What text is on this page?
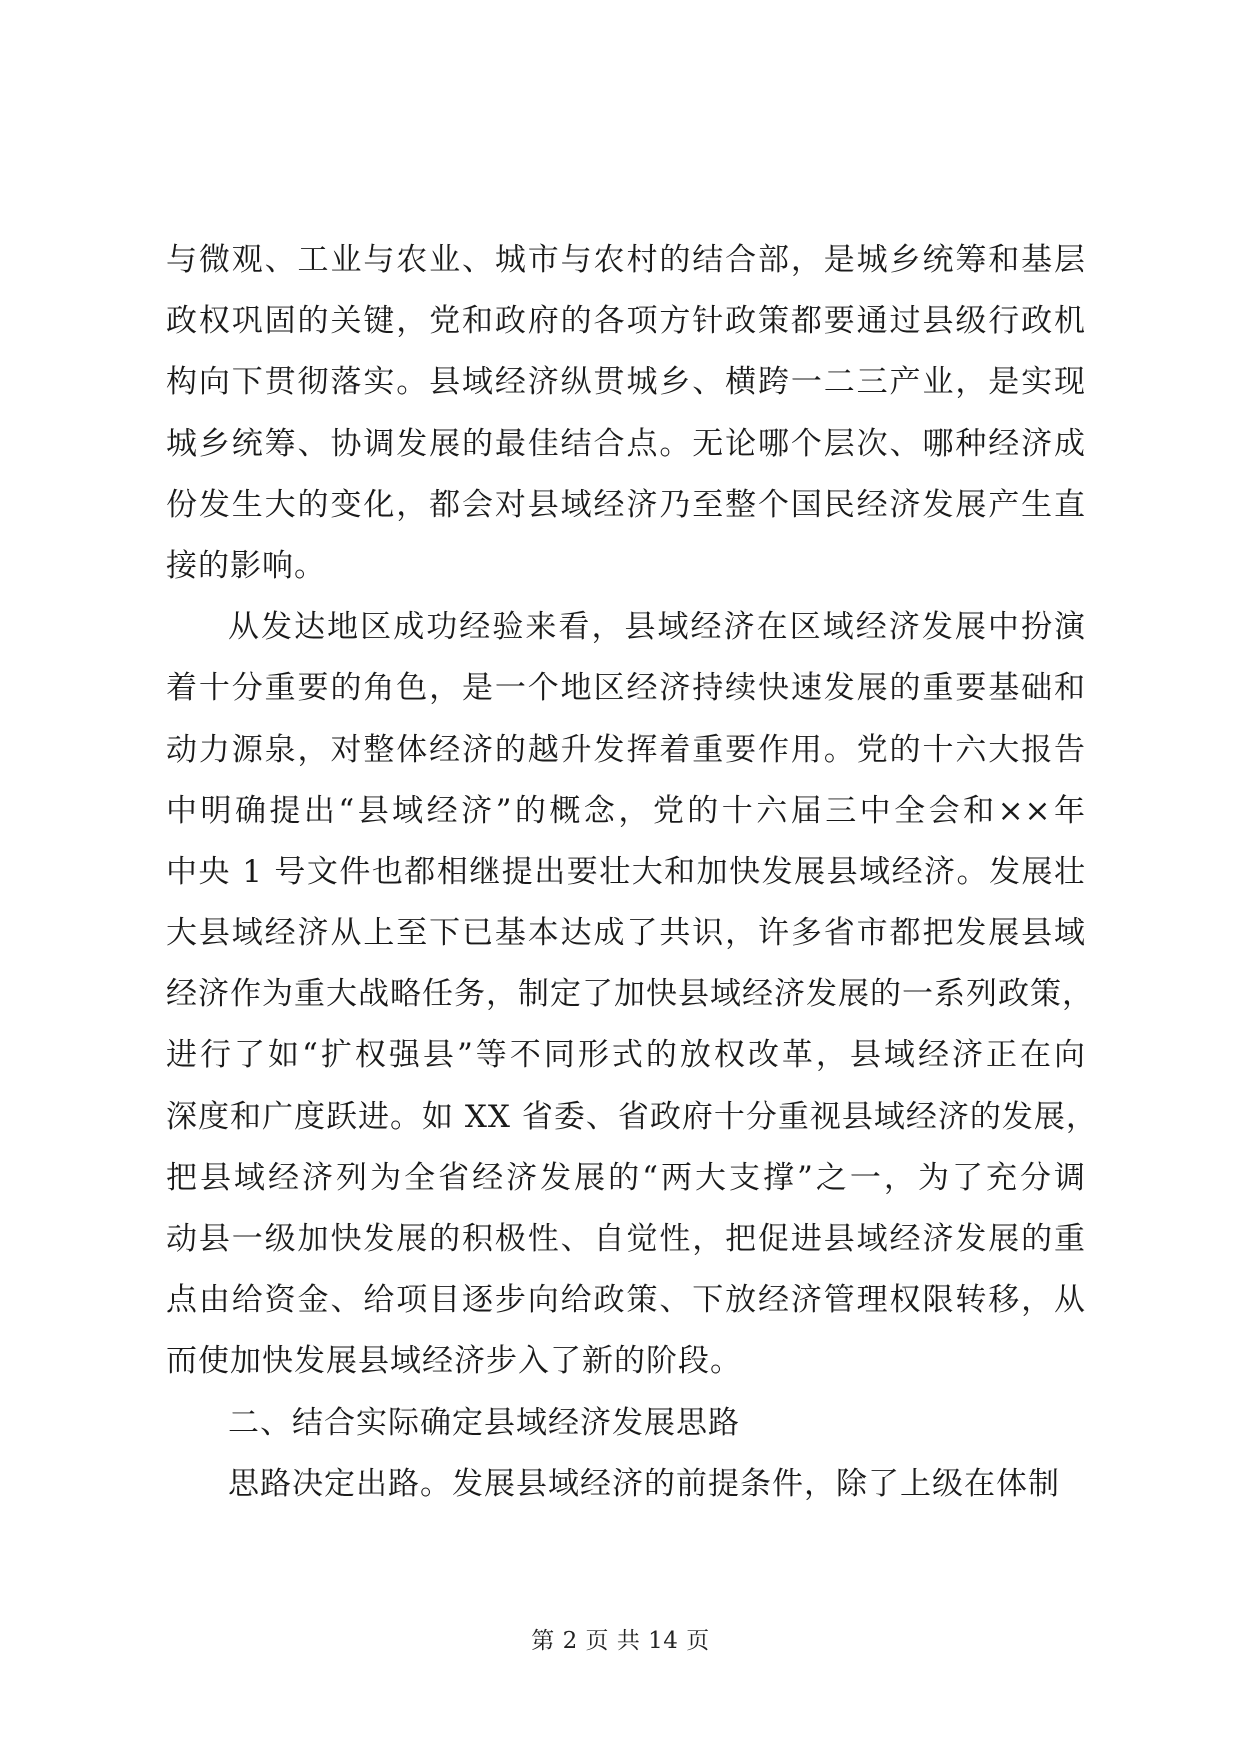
与微观、工业与农业、城市与农村的结合部，是城乡统筹和基层
政权巩固的关键，党和政府的各项方针政策都要通过县级行政机
构向下贯彻落实。县域经济纵贯城乡、横跨一二三产业，是实现
城乡统筹、协调发展的最佳结合点。无论哪个层次、哪种经济成
份发生大的变化，都会对县域经济乃至整个国民经济发展产生直
接的影响。
从发达地区成功经验来看，县域经济在区域经济发展中扮演
着十分重要的角色，是一个地区经济持续快速发展的重要基础和
动力源泉，对整体经济的越升发挥着重要作用。党的十六大报告
中明确提出“县域经济”的概念，党的十六届三中全会和××年
中央 1 号文件也都相继提出要壮大和加快发展县域经济。发展壮
大县域经济从上至下已基本达成了共识，许多省市都把发展县域
经济作为重大战略任务，制定了加快县域经济发展的一系列政策，
进行了如“扩权强县”等不同形式的放权改革，县域经济正在向
深度和广度跃进。如 XX 省委、省政府十分重视县域经济的发展，
把县域经济列为全省经济发展的“两大支撑”之一，为了充分调
动县一级加快发展的积极性、自觉性，把促进县域经济发展的重
点由给资金、给项目逐步向给政策、下放经济管理权限转移，从
而使加快发展县域经济步入了新的阶段。
二、结合实际确定县域经济发展思路
思路决定出路。发展县域经济的前提条件，除了上级在体制
第 2 页 共 14 页
